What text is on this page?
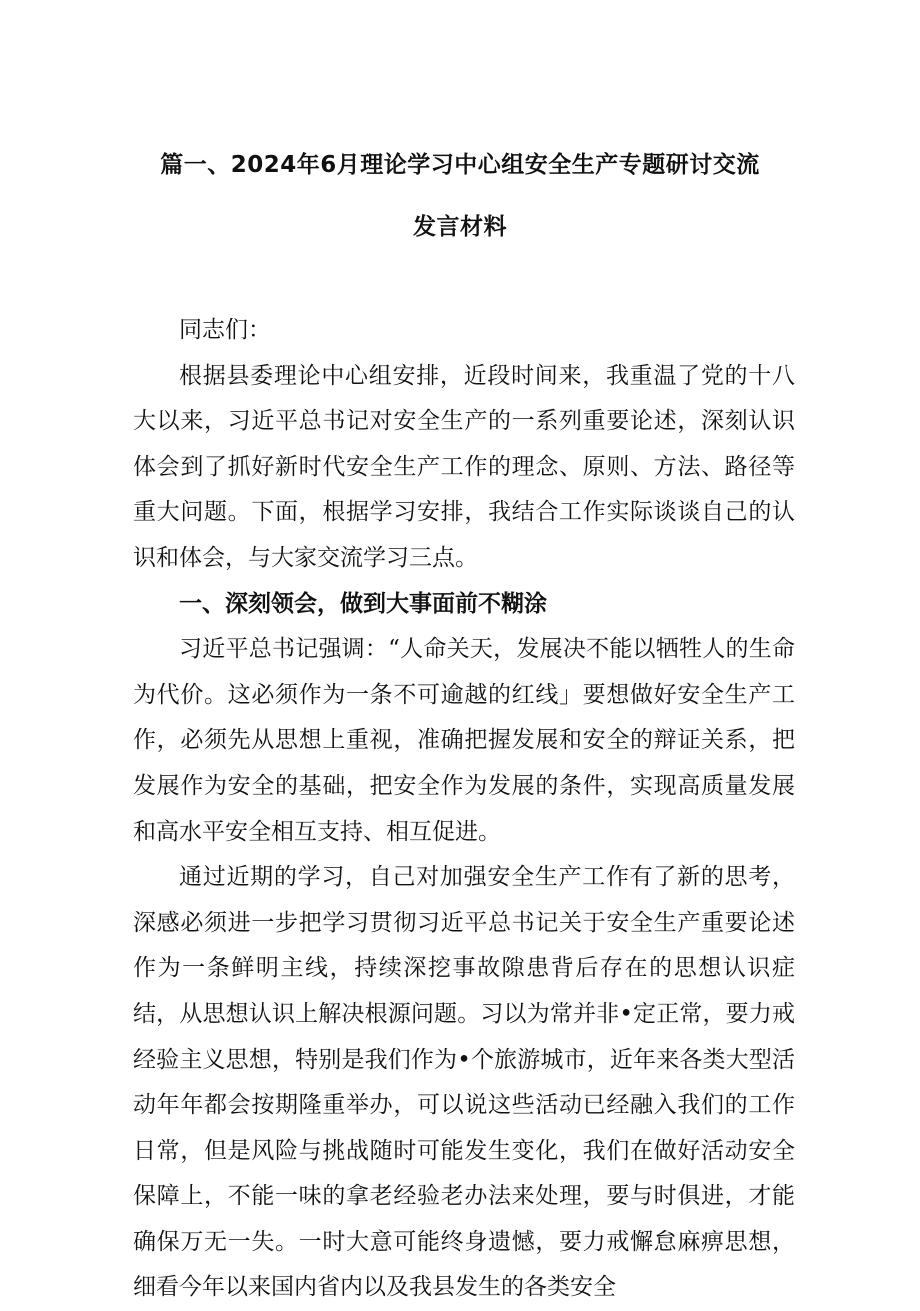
篇一、2024年6月理论学习中心组安全生产专题研讨交流
发言材料

同志们：

根据县委理论中心组安排，近段时间来，我重温了党的十八大以来，习近平总书记对安全生产的一系列重要论述，深刻认识体会到了抓好新时代安全生产工作的理念、原则、方法、路径等重大问题。下面，根据学习安排，我结合工作实际谈谈自己的认识和体会，与大家交流学习三点。

一、深刻领会，做到大事面前不糊涂

习近平总书记强调：“人命关天，发展决不能以牺牲人的生命为代价。这必须作为一条不可逾越的红线」要想做好安全生产工作，必须先从思想上重视，准确把握发展和安全的辩证关系，把发展作为安全的基础，把安全作为发展的条件，实现高质量发展和高水平安全相互支持、相互促进。

通过近期的学习，自己对加强安全生产工作有了新的思考，深感必须进一步把学习贯彻习近平总书记关于安全生产重要论述作为一条鲜明主线，持续深挖事故隙患背后存在的思想认识症结，从思想认识上解决根源问题。习以为常并非•定正常，要力戒经验主义思想，特别是我们作为•个旅游城市，近年来各类大型活动年年都会按期隆重举办，可以说这些活动已经融入我们的工作日常，但是风险与挑战随时可能发生变化，我们在做好活动安全保障上，不能一味的拿老经验老办法来处理，要与时俱进，才能确保万无一失。一时大意可能终身遗憾，要力戒懈怠麻痹思想，细看今年以来国内省内以及我县发生的各类安全
